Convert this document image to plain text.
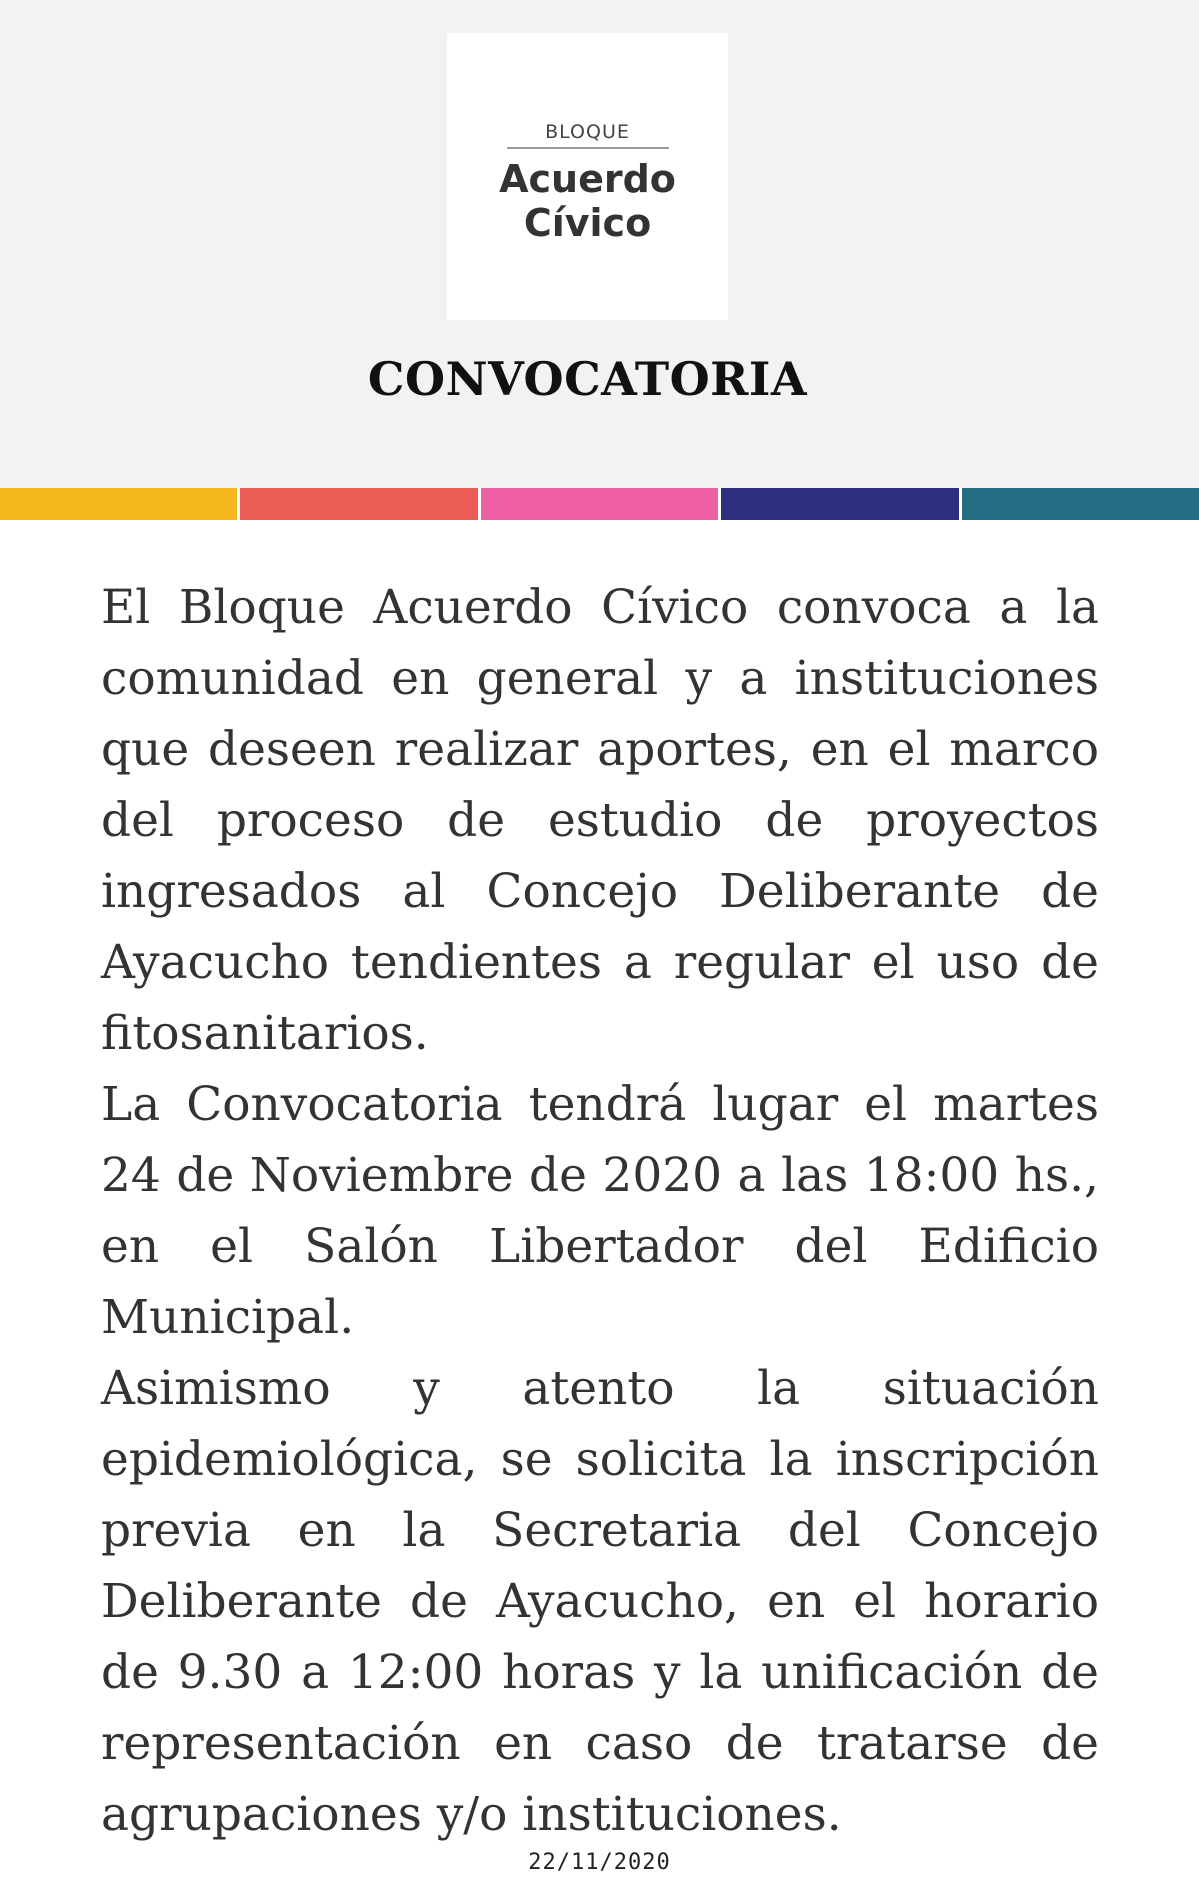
BLOQUE
Acuerdo
Cívico
CONVOCATORIA

El Bloque Acuerdo Cívico convoca a la comunidad en general y a instituciones que deseen realizar aportes, en el marco del proceso de estudio de proyectos ingresados al Concejo Deliberante de Ayacucho tendientes a regular el uso de fitosanitarios.

La Convocatoria tendrá lugar el martes 24 de Noviembre de 2020 a las 18:00 hs., en el Salón Libertador del Edificio Municipal.

Asimismo y atento la situación epidemiológica, se solicita la inscripción previa en la Secretaria del Concejo Deliberante de Ayacucho, en el horario de 9.30 a 12:00 horas y la unificación de representación en caso de tratarse de agrupaciones y/o instituciones.

22/11/2020
